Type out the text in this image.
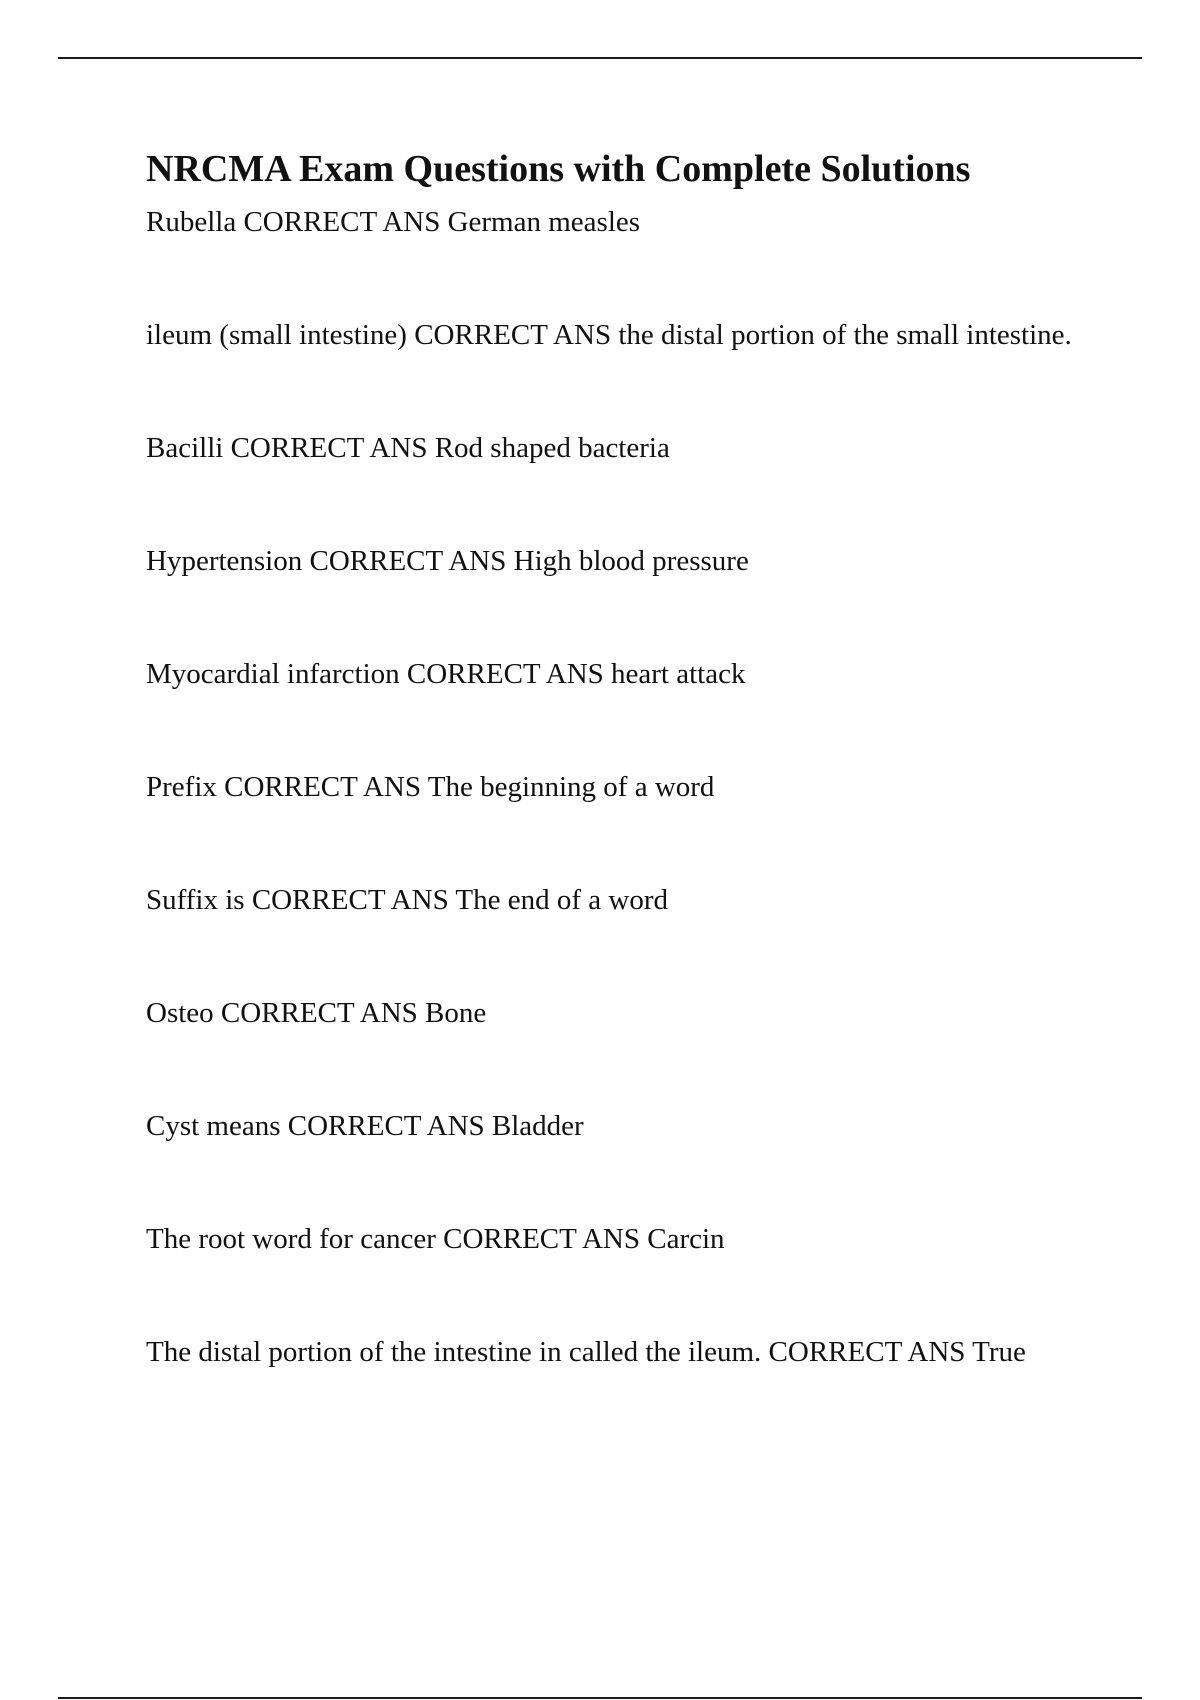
NRCMA Exam Questions with Complete Solutions
Rubella CORRECT ANS German measles
ileum (small intestine) CORRECT ANS the distal portion of the small intestine.
Bacilli CORRECT ANS Rod shaped bacteria
Hypertension CORRECT ANS High blood pressure
Myocardial infarction CORRECT ANS heart attack
Prefix CORRECT ANS The beginning of a word
Suffix is CORRECT ANS The end of a word
Osteo CORRECT ANS Bone
Cyst means CORRECT ANS Bladder
The root word for cancer CORRECT ANS Carcin
The distal portion of the intestine in called the ileum. CORRECT ANS True
